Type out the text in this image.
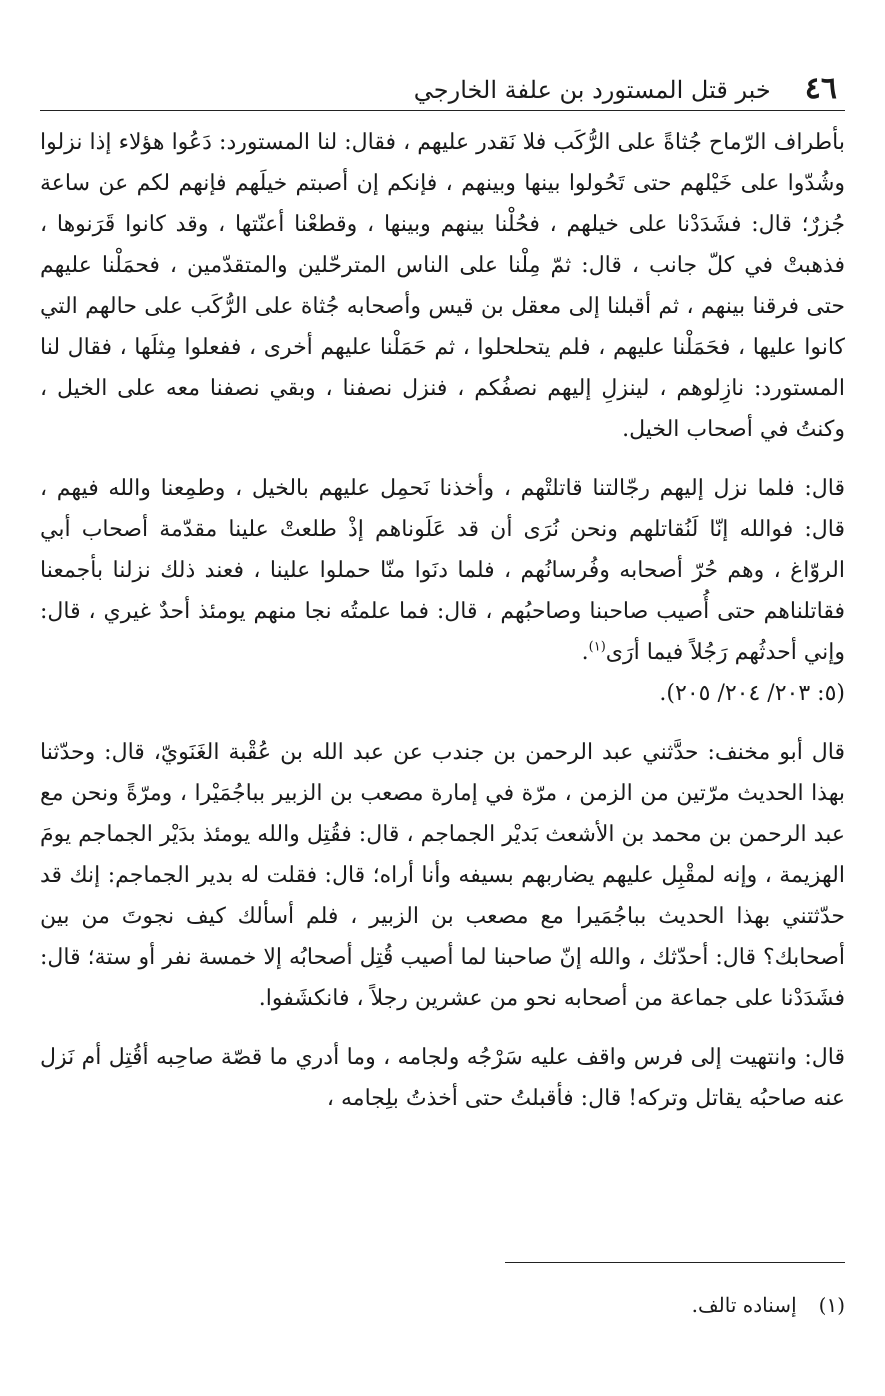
٤٦
خبر قتل المستورد بن علفة الخارجي

بأطراف الرّماح جُثاةً على الرُّكَب فلا نَقدر عليهم ، فقال: لنا المستورد: دَعُوا هؤلاء إذا نزلوا وشُدّوا على خَيْلهم حتى تَحُولوا بينها وبينهم ، فإنكم إن أصبتم خيلَهم فإنهم لكم عن ساعة جُزرٌ؛ قال: فشَدَدْنا على خيلهم ، فحُلْنا بينهم وبينها ، وقطعْنا أعنّتها ، وقد كانوا قَرَنوها ، فذهبتْ في كلّ جانب ، قال: ثمّ مِلْنا على الناس المترحّلين والمتقدّمين ، فحمَلْنا عليهم حتى فرقنا بينهم ، ثم أقبلنا إلى معقل بن قيس وأصحابه جُثاة على الرُّكَب على حالهم التي كانوا عليها ، فحَمَلْنا عليهم ، فلم يتحلحلوا ، ثم حَمَلْنا عليهم أخرى ، ففعلوا مِثلَها ، فقال لنا المستورد: نازِلوهم ، لينزلِ إليهم نصفُكم ، فنزل نصفنا ، وبقي نصفنا معه على الخيل ، وكنتُ في أصحاب الخيل.

قال: فلما نزل إليهم رجّالتنا قاتلتْهم ، وأخذنا نَحمِل عليهم بالخيل ، وطمِعنا والله فيهم ، قال: فوالله إنّا لَنُقاتلهم ونحن نُرَى أن قد عَلَوناهم إذْ طلعتْ علينا مقدّمة أصحاب أبي الروّاغ ، وهم حُرّ أصحابه وفُرسانُهم ، فلما دنَوا منّا حملوا علينا ، فعند ذلك نزلنا بأجمعنا فقاتلناهم حتى أُصيب صاحبنا وصاحبُهم ، قال: فما علمتُه نجا منهم يومئذ أحدٌ غيري ، قال: وإني أحدثُهم رَجُلاً فيما أرَى$^{(١)}$.
(٥: ٢٠٣/ ٢٠٤/ ٢٠٥).

قال أبو مخنف: حدَّثني عبد الرحمن بن جندب عن عبد الله بن عُقْبة الغَنَويّ، قال: وحدّثنا بهذا الحديث مرّتين من الزمن ، مرّة في إمارة مصعب بن الزبير بباجُمَيْرا ، ومرّةً ونحن مع عبد الرحمن بن محمد بن الأشعث بَديْر الجماجم ، قال: فقُتِل والله يومئذ بدَيْر الجماجم يومَ الهزيمة ، وإنه لمقْبِل عليهم يضاربهم بسيفه وأنا أراه؛ قال: فقلت له بدير الجماجم: إنك قد حدّثتني بهذا الحديث بباجُمَيرا مع مصعب بن الزبير ، فلم أسألك كيف نجوتَ من بين أصحابك؟ قال: أحدّثك ، والله إنّ صاحبنا لما أصيب قُتِل أصحابُه إلا خمسة نفر أو ستة؛ قال: فشَدَدْنا على جماعة من أصحابه نحو من عشرين رجلاً ، فانكشَفوا.

قال: وانتهيت إلى فرس واقف عليه سَرْجُه ولجامه ، وما أدري ما قصّة صاحِبه أقُتِل أم نَزل عنه صاحبُه يقاتل وتركه! قال: فأقبلتُ حتى أخذتُ بلِجامه ،

(١)إسناده تالف.
